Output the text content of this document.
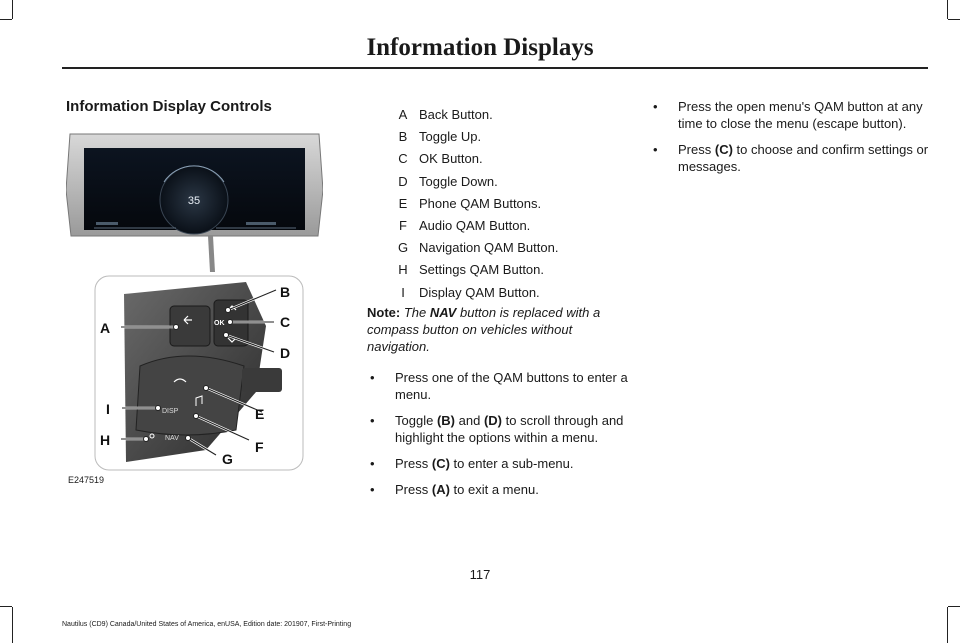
Information Displays
Information Display Controls
35
OK
DISP
NAV
A
B
C
D
E
F
G
H
I
E247519
A Back Button.
B Toggle Up.
C OK Button.
D Toggle Down.
E Phone QAM Buttons.
F Audio QAM Button.
G Navigation QAM Button.
H Settings QAM Button.
I	Display QAM Button.

Note: The NAV button is replaced with a compass button on vehicles without navigation.

• Press one of the QAM buttons to enter a menu.
• Toggle (B) and (D) to scroll through and highlight the options within a menu.
• Press (C) to enter a sub-menu.
• Press (A) to exit a menu.
• Press the open menu's QAM button at any time to close the menu (escape button).
• Press (C) to choose and confirm settings or messages.
117
Nautilus (CD9) Canada/United States of America, enUSA, Edition date: 201907, First-Printing
